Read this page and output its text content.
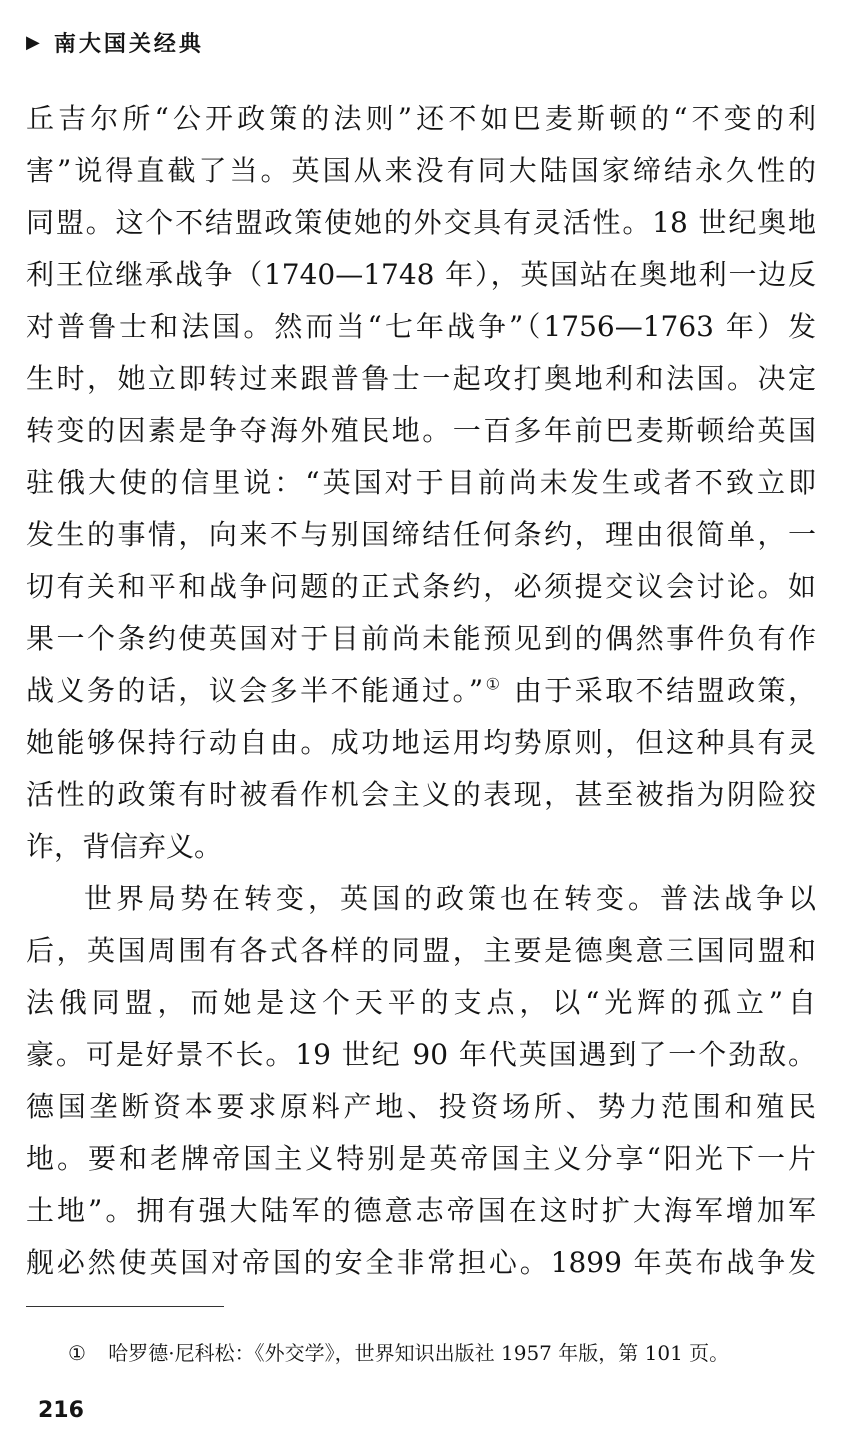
▶ 南大国关经典
丘吉尔所“公开政策的法则”还不如巴麦斯顿的“不变的利
害”说得直截了当。英国从来没有同大陆国家缔结永久性的
同盟。这个不结盟政策使她的外交具有灵活性。18 世纪奥地
利王位继承战争（1740—1748 年），英国站在奥地利一边反
对普鲁士和法国。然而当“七年战争”（1756—1763 年）发
生时，她立即转过来跟普鲁士一起攻打奥地利和法国。决定
转变的因素是争夺海外殖民地。一百多年前巴麦斯顿给英国
驻俄大使的信里说：“英国对于目前尚未发生或者不致立即
发生的事情，向来不与别国缔结任何条约，理由很简单，一
切有关和平和战争问题的正式条约，必须提交议会讨论。如
果一个条约使英国对于目前尚未能预见到的偶然事件负有作
战义务的话，议会多半不能通过。”① 由于采取不结盟政策，
她能够保持行动自由。成功地运用均势原则，但这种具有灵
活性的政策有时被看作机会主义的表现，甚至被指为阴险狡
诈，背信弃义。
世界局势在转变，英国的政策也在转变。普法战争以
后，英国周围有各式各样的同盟，主要是德奥意三国同盟和
法俄同盟，而她是这个天平的支点，以“光辉的孤立”自
豪。可是好景不长。19 世纪 90 年代英国遇到了一个劲敌。
德国垄断资本要求原料产地、投资场所、势力范围和殖民
地。要和老牌帝国主义特别是英帝国主义分享“阳光下一片
土地”。拥有强大陆军的德意志帝国在这时扩大海军增加军
舰必然使英国对帝国的安全非常担心。1899 年英布战争发
① 哈罗德·尼科松：《外交学》，世界知识出版社 1957 年版，第 101 页。
216
